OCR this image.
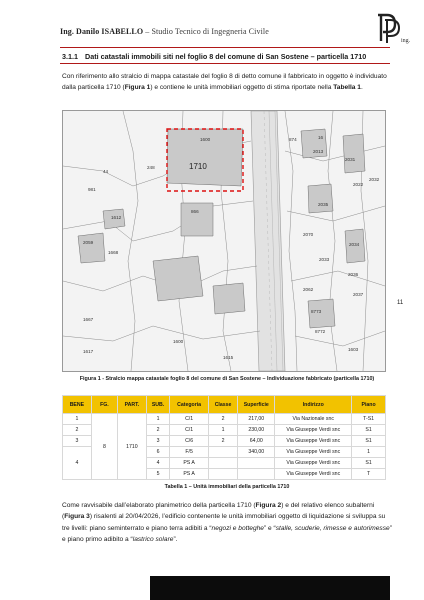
Ing. Danilo ISABELLO – Studio Tecnico di Ingegneria Civile
ing.
3.1.1 Dati catastali immobili siti nel foglio 8 del comune di San Sostene – particella 1710
Con riferimento allo stralcio di mappa catastale del foglio 8 di detto comune il fabbricato in oggetto è individuato dalla particella 1710 (Figura 1) e contiene le unità immobiliari oggetto di stima riportate nella Tabella 1.
1710
1600	16
874
2013
2031
2032
2022
44
981
248
866
1612
2059
1668
2035
2034
2070
2033
2036
2037
2062
1667
1617
1600
8773
8772
1603
1615
11
Figura 1 - Stralcio mappa catastale foglio 8 del comune di San Sostene – Individuazione fabbricato (particella 1710)
BENE	FG.	PART.	SUB.	Categoria	Classe	Superficie	Indirizzo	Piano
1	8	1710	1	C/1	2	217,00	Via Nazionale snc	T-S1
2			2	C/1	1	230,00	Via Giuseppe Verdi snc	S1
3			3	C/6	2	64,00	Via Giuseppe Verdi snc	S1
4			6	F/5		340,00	Via Giuseppe Verdi snc	1
			4	PS A			Via Giuseppe Verdi snc	S1
			5	PS A			Via Giuseppe Verdi snc	T
Tabella 1 – Unità immobiliari della particella 1710
Come ravvisabile dall’elaborato planimetrico della particella 1710 (Figura 2) e del relativo elenco subalterni (Figura 3) risalenti al 20/04/2026, l’edificio contenente le unità immobiliari oggetto di liquidazione si sviluppa su tre livelli: piano seminterrato e piano terra adibiti a “negozi e botteghe” e “stalle, scuderie, rimesse e autorimesse” e piano primo adibito a “lastrico solare”.
